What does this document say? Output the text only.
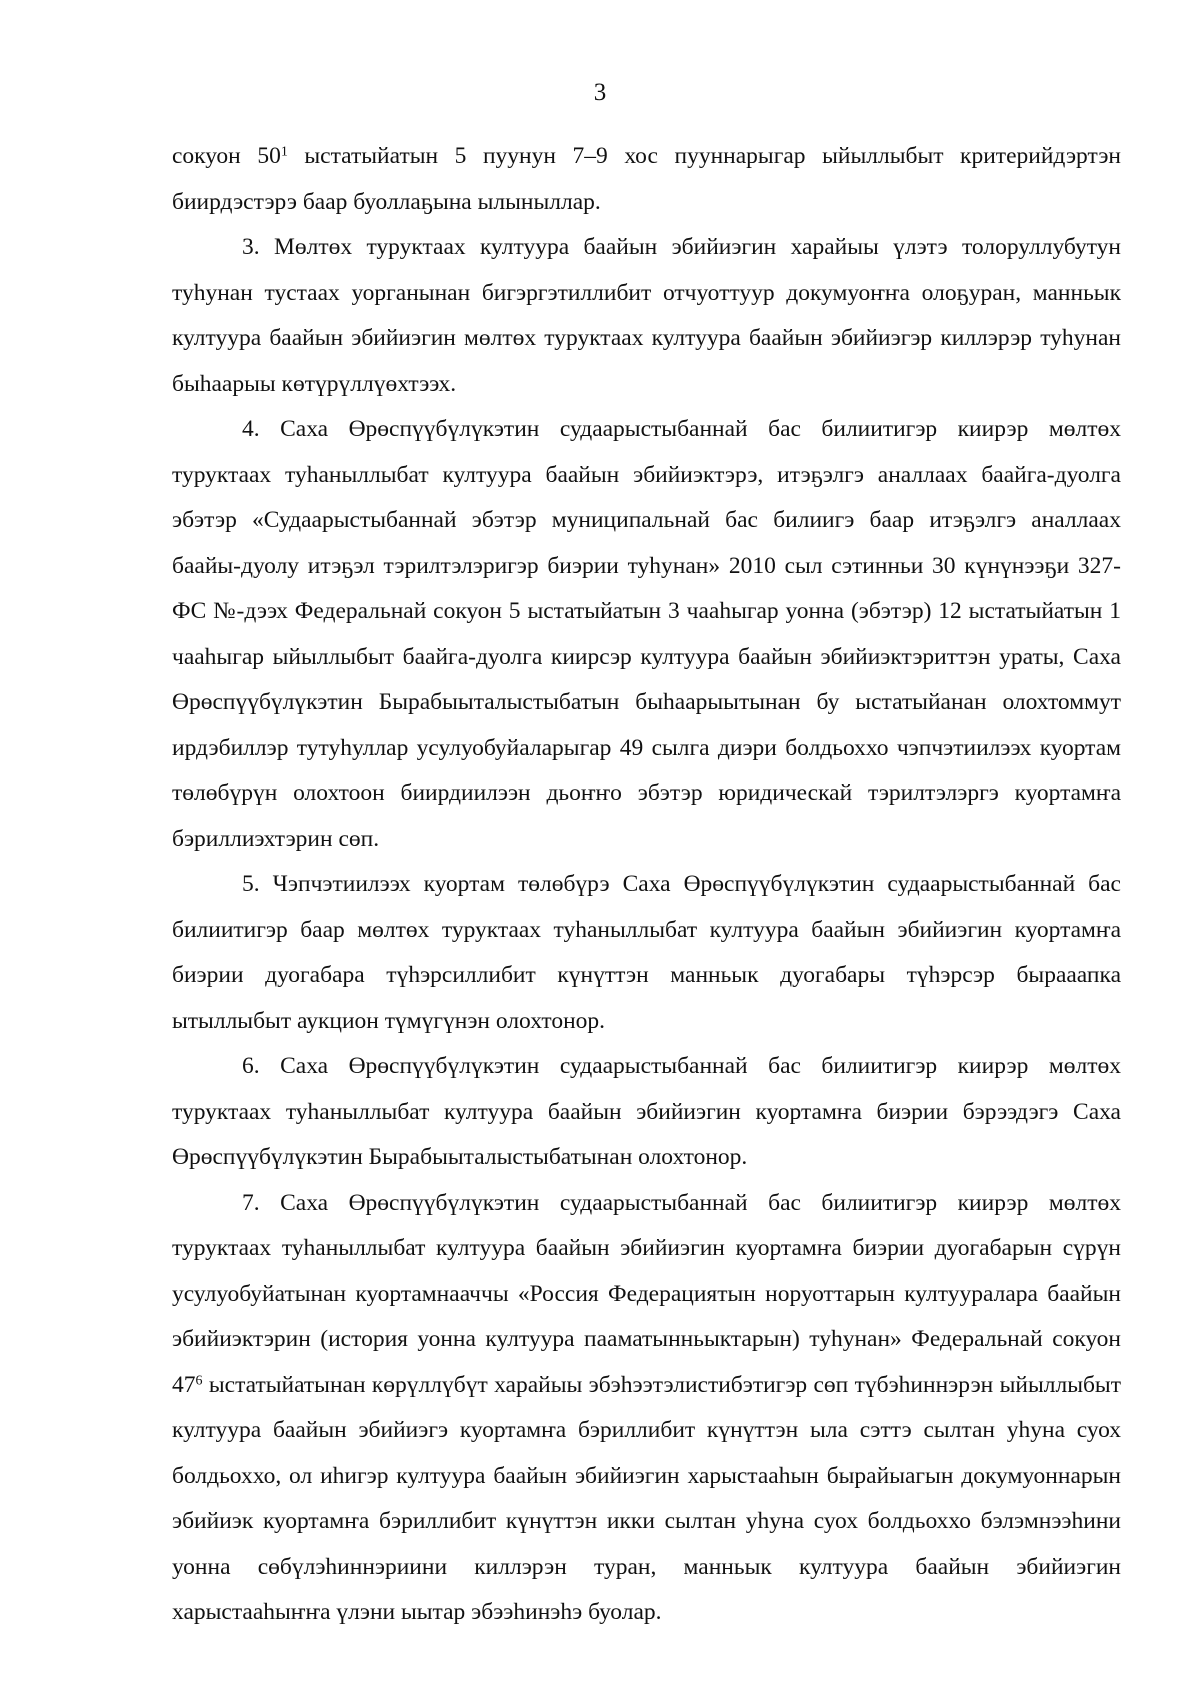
3

сокуон $50^1$ ыстатыйатын 5 пуунун 7–9 хос пууннарыгар ыйыллыбыт критерийдэртэн биирдэстэрэ баар буоллаҕына ылыныллар.

3. Мөлтөх туруктаах култуура баайын эбийиэгин харайыы үлэтэ толоруллубутун туһунан тустаах уорганынан бигэргэтиллибит отчуоттуур докумуоҥҥа олоҕуран, манньык култуура баайын эбийиэгин мөлтөх туруктаах култуура баайын эбийиэгэр киллэрэр туһунан быһаарыы көтүрүллүөхтээх.

4. Саха Өрөспүүбүлүкэтин судаарыстыбаннай бас билиитигэр киирэр мөлтөх туруктаах туһаныллыбат култуура баайын эбийиэктэрэ, итэҕэлгэ аналлаах баайга-дуолга эбэтэр «Судаарыстыбаннай эбэтэр муниципальнай бас билиигэ баар итэҕэлгэ аналлаах баайы-дуолу итэҕэл тэрилтэлэригэр биэрии туһунан» 2010 сыл сэтинньи 30 күнүнээҕи 327-ФС №-дээх Федеральнай сокуон 5 ыстатыйатын 3 чааһыгар уонна (эбэтэр) 12 ыстатыйатын 1 чааһыгар ыйыллыбыт баайга-дуолга киирсэр култуура баайын эбийиэктэриттэн ураты, Саха Өрөспүүбүлүкэтин Бырабыыталыстыбатын быһаарыытынан бу ыстатыйанан олохтоммут ирдэбиллэр тутуһуллар усулуобуйаларыгар 49 сылга диэри болдьоххо чэпчэтиилээх куортам төлөбүрүн олохтоон биирдиилээн дьоҥҥо эбэтэр юридическай тэрилтэлэргэ куортамҥа бэриллиэхтэрин сөп.

5. Чэпчэтиилээх куортам төлөбүрэ Саха Өрөспүүбүлүкэтин судаарыстыбаннай бас билиитигэр баар мөлтөх туруктаах туһаныллыбат култуура баайын эбийиэгин куортамҥа биэрии дуогабара түһэрсиллибит күнүттэн манньык дуогабары түһэрсэр бырааапка ытыллыбыт аукцион түмүгүнэн олохтонор.

6. Саха Өрөспүүбүлүкэтин судаарыстыбаннай бас билиитигэр киирэр мөлтөх туруктаах туһаныллыбат култуура баайын эбийиэгин куортамҥа биэрии бэрээдэгэ Саха Өрөспүүбүлүкэтин Бырабыыталыстыбатынан олохтонор.

7. Саха Өрөспүүбүлүкэтин судаарыстыбаннай бас билиитигэр киирэр мөлтөх туруктаах туһаныллыбат култуура баайын эбийиэгин куортамҥа биэрии дуогабарын сүрүн усулуобуйатынан куортамнааччы «Россия Федерациятын норуоттарын култууралара баайын эбийиэктэрин (история уонна култуура пааматынньыктарын) туһунан» Федеральнай сокуон $47^6$ ыстатыйатынан көрүллүбүт харайыы эбэһээтэлистибэтигэр сөп түбэһиннэрэн ыйыллыбыт култуура баайын эбийиэгэ куортамҥа бэриллибит күнүттэн ыла сэттэ сылтан уһуна суох болдьоххо, ол иһигэр култуура баайын эбийиэгин харыстааһын бырайыагын докумуоннарын эбийиэк куортамҥа бэриллибит күнүттэн икки сылтан уһуна суох болдьоххо бэлэмнээһини уонна сөбүлэһиннэриини киллэрэн туран, манньык култуура баайын эбийиэгин харыстааһыҥҥа үлэни ыытар эбээһинэһэ буолар.
